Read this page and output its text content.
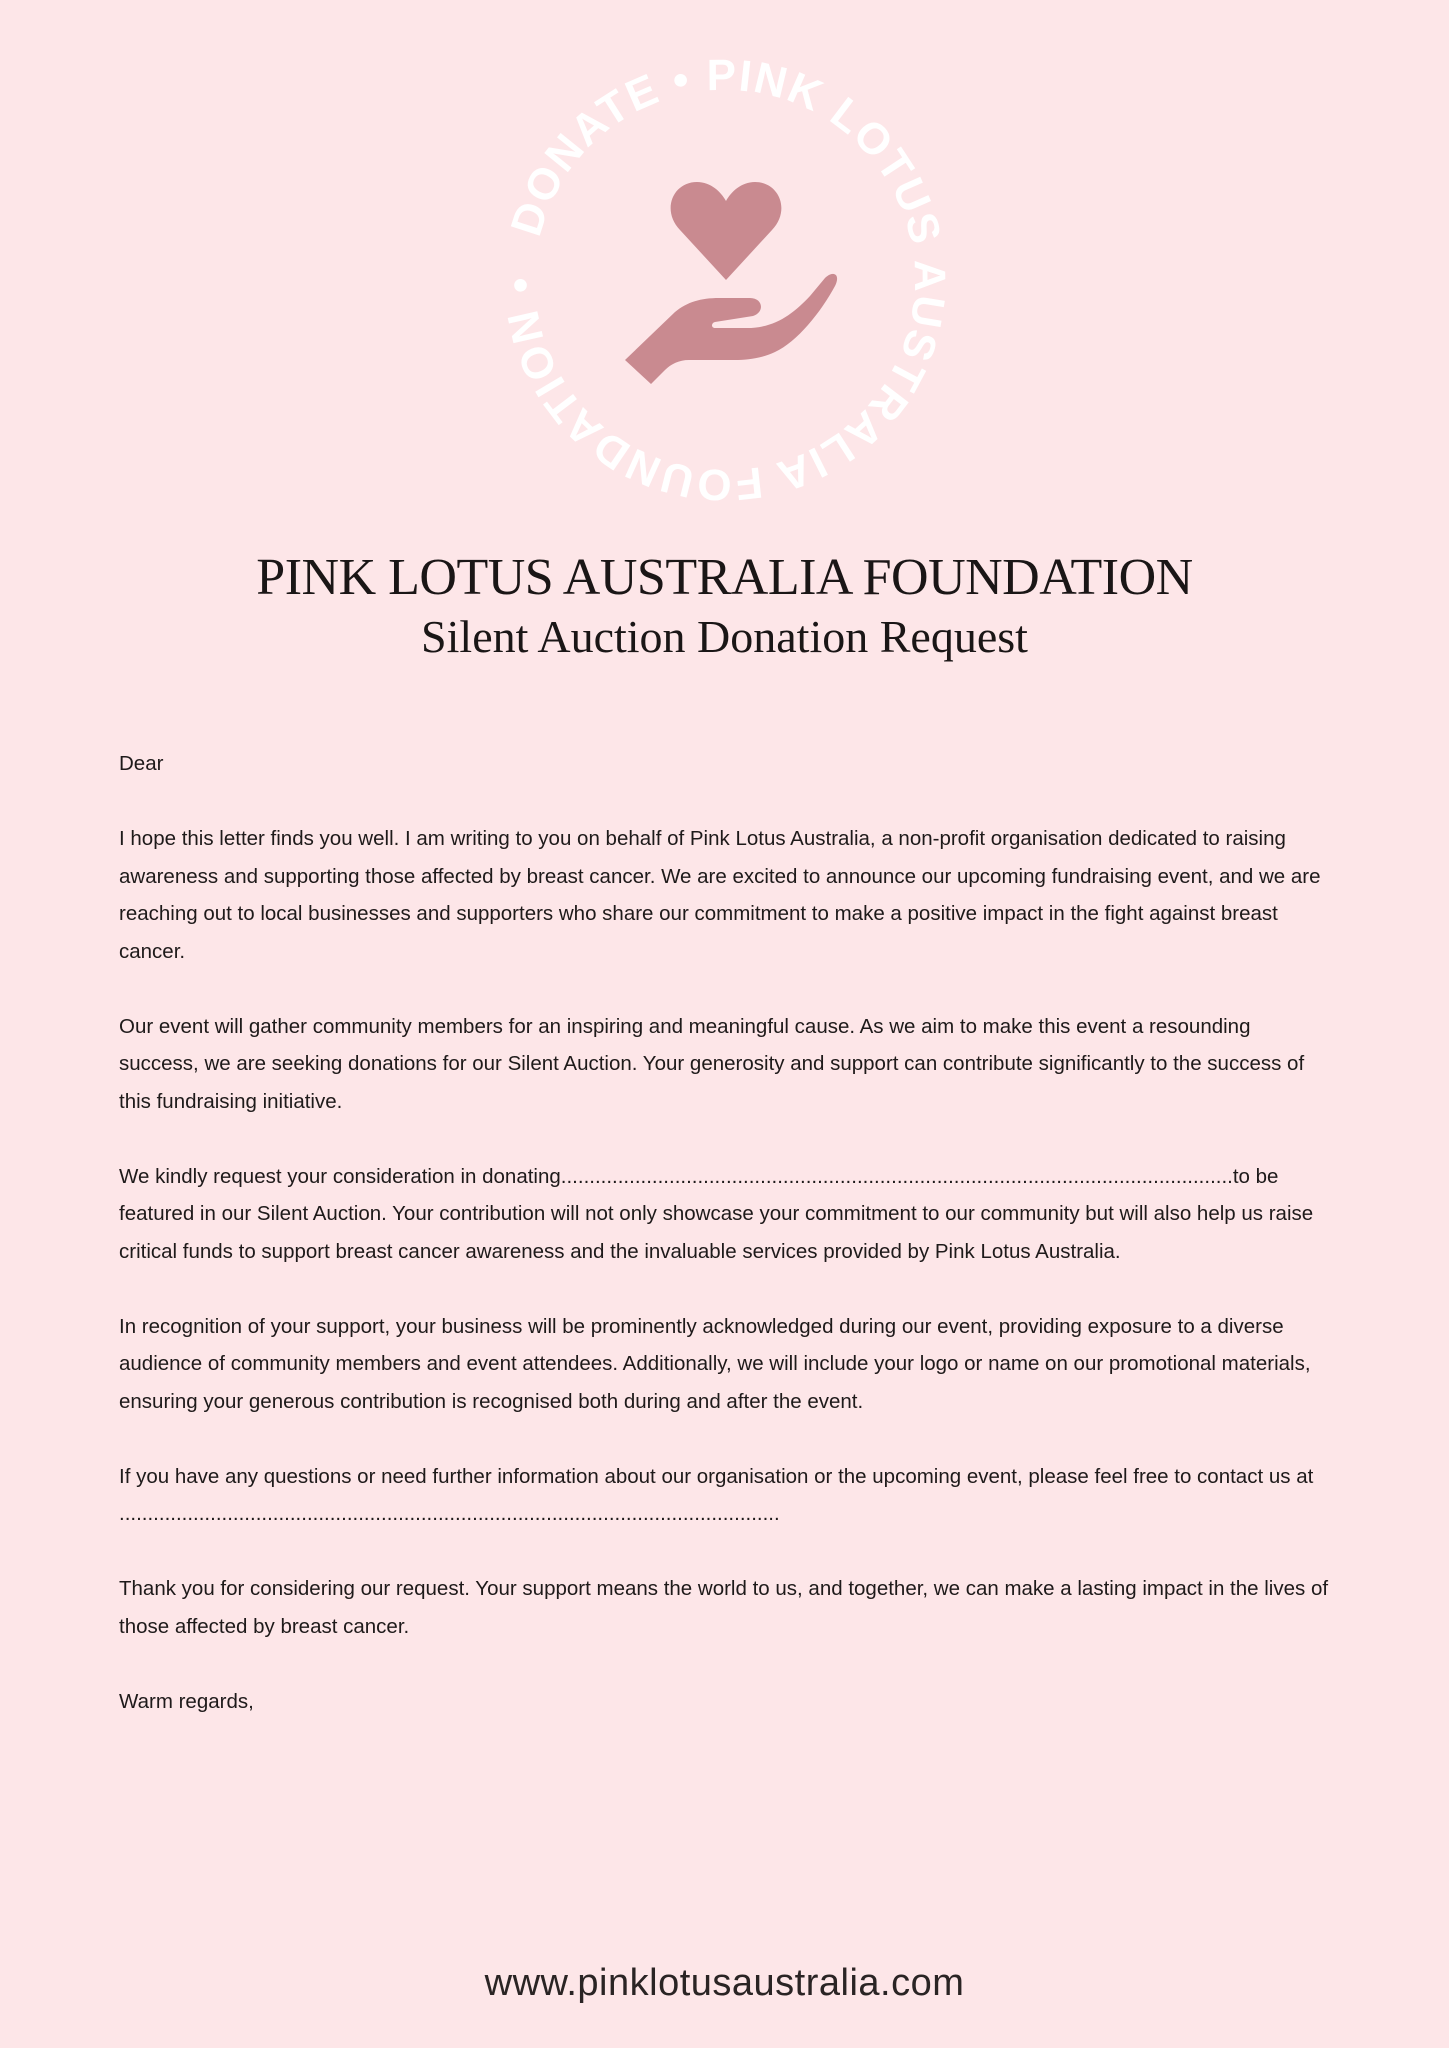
DONATE • PINK LOTUS AUSTRALIA FOUNDATION •
PINK LOTUS AUSTRALIA FOUNDATION
Silent Auction Donation Request

Dear

I hope this letter finds you well. I am writing to you on behalf of Pink Lotus Australia, a non-profit organisation dedicated to raising awareness and supporting those affected by breast cancer. We are excited to announce our upcoming fundraising event, and we are reaching out to local businesses and supporters who share our commitment to make a positive impact in the fight against breast cancer.

Our event will gather community members for an inspiring and meaningful cause. As we aim to make this event a resounding success, we are seeking donations for our Silent Auction. Your generosity and support can contribute significantly to the success of this fundraising initiative.

We kindly request your consideration in donating......................................................................................................................to be featured in our Silent Auction. Your contribution will not only showcase your commitment to our community but will also help us raise critical funds to support breast cancer awareness and the invaluable services provided by Pink Lotus Australia.

In recognition of your support, your business will be prominently acknowledged during our event, providing exposure to a diverse audience of community members and event attendees. Additionally, we will include your logo or name on our promotional materials, ensuring your generous contribution is recognised both during and after the event.

If you have any questions or need further information about our organisation or the upcoming event, please feel free to contact us at ....................................................................................................................

Thank you for considering our request. Your support means the world to us, and together, we can make a lasting impact in the lives of those affected by breast cancer.

Warm regards,

www.pinklotusaustralia.com
